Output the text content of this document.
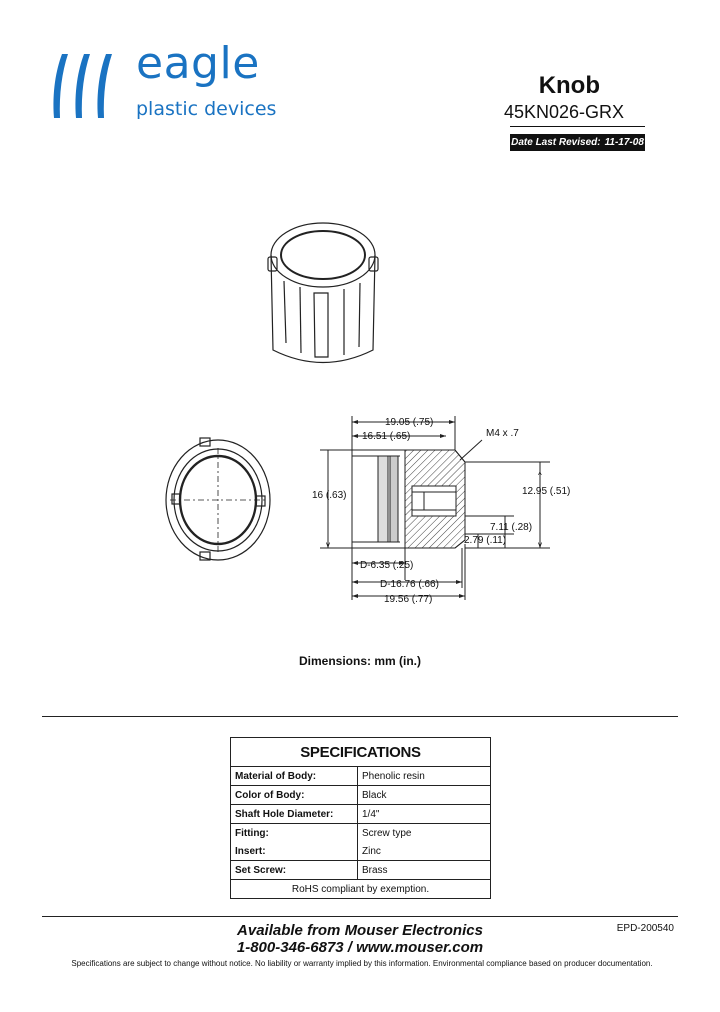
eagle
plastic devices
Knob
45KN026-GRX
Date Last Revised: 11-17-08
19.05 (.75)
16.51 (.65)	M4 x .7
16 (.63)	12.95 (.51)
7.11 (.28)
2.79 (.11)
D-6.35 (.25)
D-16.76 (.66)
19.56 (.77)
^
v	v
Dimensions: mm (in.)
SPECIFICATIONS	
Material of Body:	Phenolic resin
Color of Body:	Black
Shaft Hole Diameter:	1/4"
Fitting:	Screw type
Insert:	Zinc
Set Screw:	Brass
RoHS compliant by exemption.	
Available from Mouser Electronics
1-800-346-6873 / www.mouser.com
EPD-200540
Specifications are subject to change without notice. No liability or warranty implied by this information. Environmental compliance based on producer documentation.
